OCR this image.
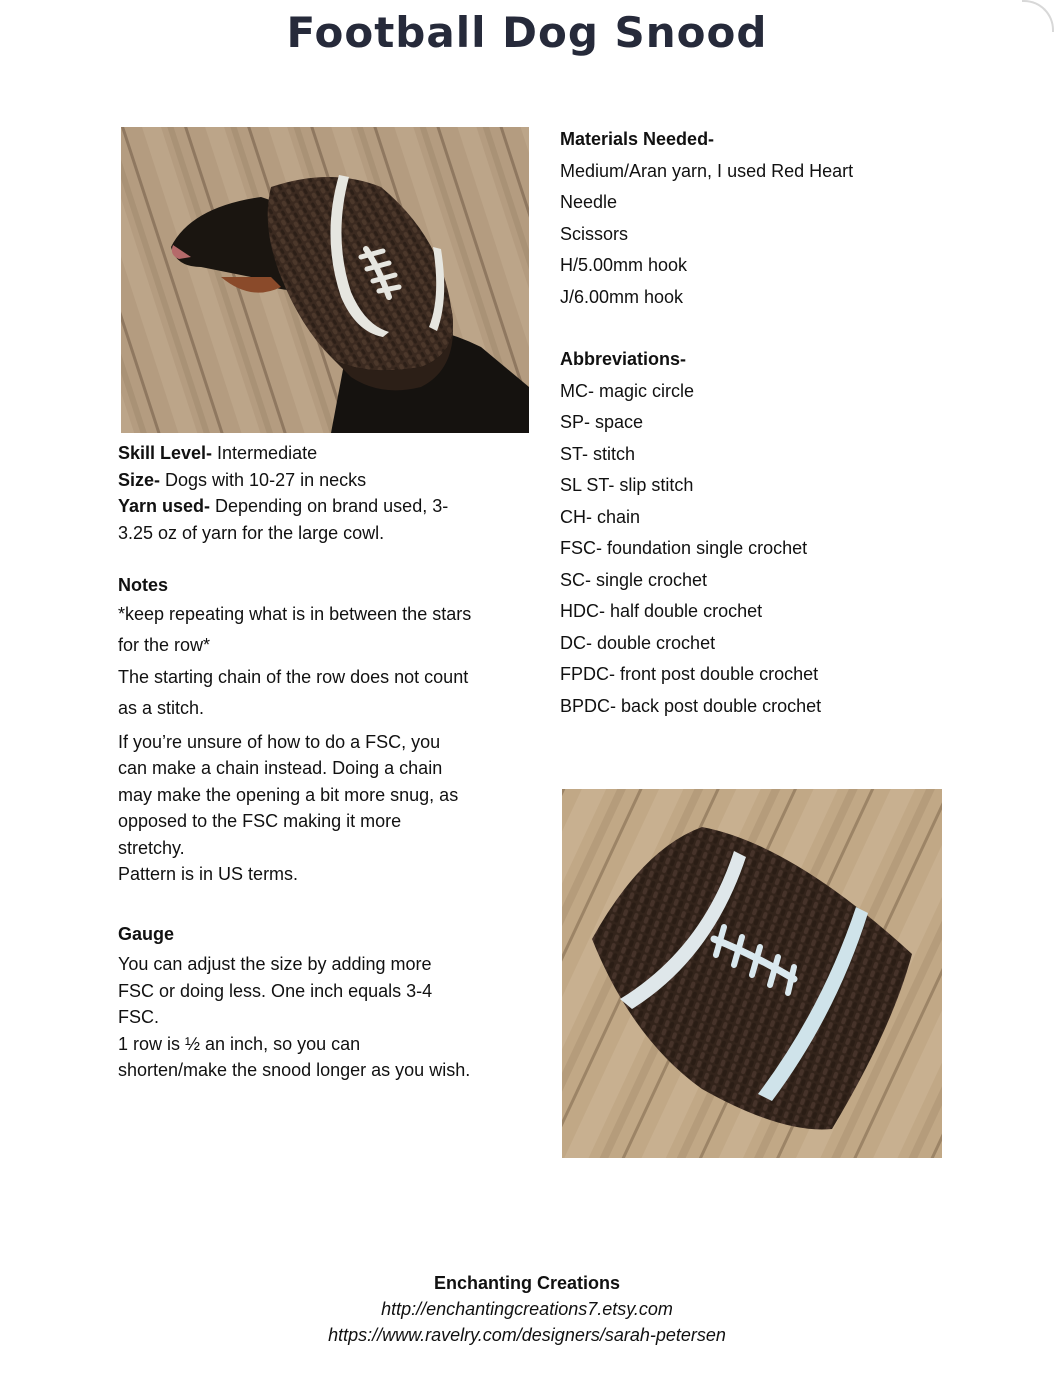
Football Dog Snood

Skill Level- Intermediate

Size- Dogs with 10-27 in necks

Yarn used- Depending on brand used, 3-

3.25 oz of yarn for the large cowl.

Notes

*keep repeating what is in between the stars

for the row*

The starting chain of the row does not count

as a stitch.

If you’re unsure of how to do a FSC, you

can make a chain instead. Doing a chain

may make the opening a bit more snug, as

opposed to the FSC making it more

stretchy.

Pattern is in US terms.

Gauge

You can adjust the size by adding more

FSC or doing less. One inch equals 3-4

FSC.

1 row is ½ an inch, so you can

shorten/make the snood longer as you wish.

Materials Needed-

Medium/Aran yarn, I used Red Heart

Needle

Scissors

H/5.00mm hook

J/6.00mm hook

Abbreviations-

MC- magic circle

SP- space

ST- stitch

SL ST- slip stitch

CH- chain

FSC- foundation single crochet

SC- single crochet

HDC- half double crochet

DC- double crochet

FPDC- front post double crochet

BPDC- back post double crochet

Enchanting Creations
http://enchantingcreations7.etsy.com
https://www.ravelry.com/designers/sarah-petersen
